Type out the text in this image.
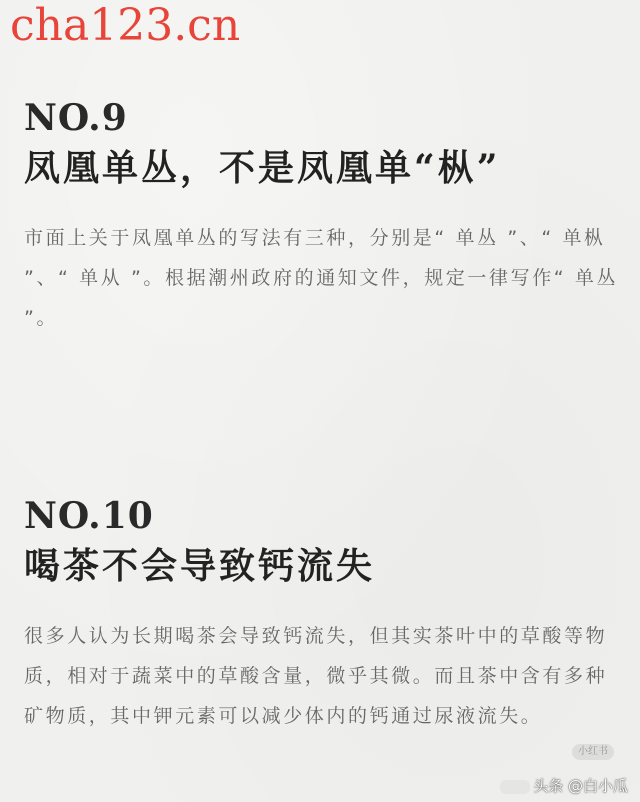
cha123.cn
NO.9
凤凰单丛，不是凤凰单“枞”
市面上关于凤凰单丛的写法有三种，分别是“ 单丛 ”、“ 单枞 ”、“ 单从 ”。根据潮州政府的通知文件，规定一律写作“ 单丛 ”。
NO.10
喝茶不会导致钙流失
很多人认为长期喝茶会导致钙流失，但其实茶叶中的草酸等物质，相对于蔬菜中的草酸含量，微乎其微。而且茶中含有多种矿物质，其中钾元素可以减少体内的钙通过尿液流失。
小红书
头条 @白小瓜
